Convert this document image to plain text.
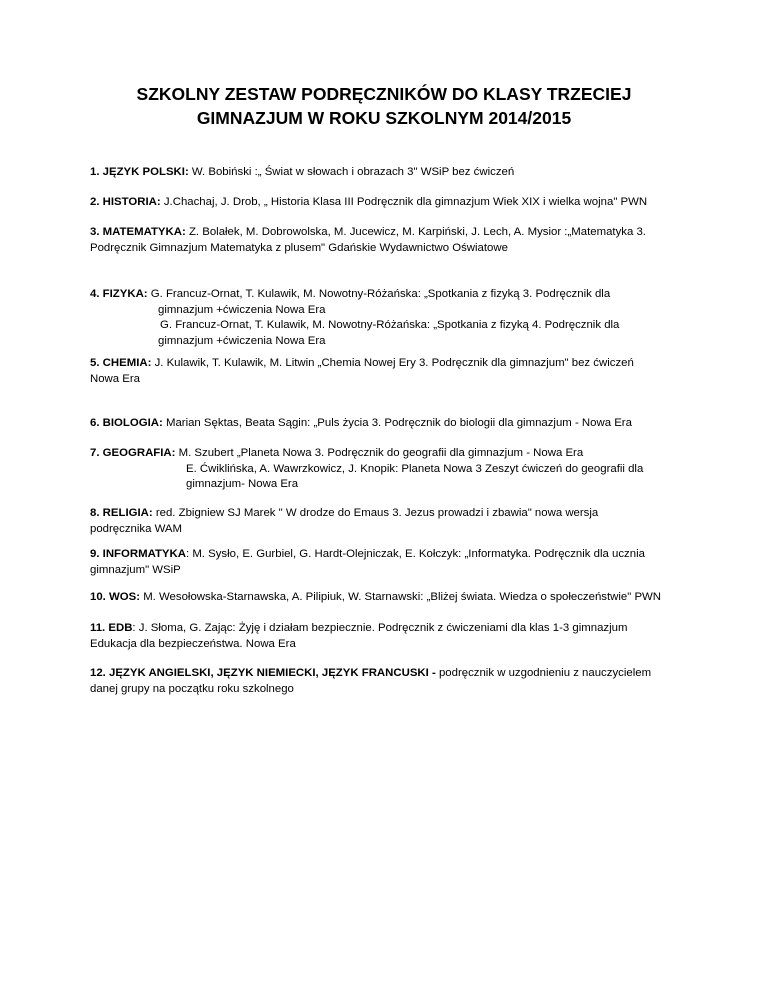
SZKOLNY ZESTAW PODRĘCZNIKÓW DO KLASY TRZECIEJ
GIMNAZJUM W ROKU SZKOLNYM 2014/2015
1. JĘZYK POLSKI: W. Bobiński :„ Świat w słowach i obrazach 3" WSiP bez ćwiczeń
2. HISTORIA: J.Chachaj, J. Drob, „ Historia Klasa III Podręcznik dla gimnazjum Wiek XIX i wielka wojna" PWN
3. MATEMATYKA: Z. Bolałek, M. Dobrowolska, M. Jucewicz, M. Karpiński, J. Lech, A. Mysior :„Matematyka 3.
Podręcznik Gimnazjum Matematyka z plusem" Gdańskie Wydawnictwo Oświatowe
4. FIZYKA: G. Francuz-Ornat, T. Kulawik, M. Nowotny-Różańska: „Spotkania z fizyką 3. Podręcznik dla
gimnazjum +ćwiczenia Nowa Era
G. Francuz-Ornat, T. Kulawik, M. Nowotny-Różańska: „Spotkania z fizyką 4. Podręcznik dla
gimnazjum +ćwiczenia Nowa Era
5. CHEMIA: J. Kulawik, T. Kulawik, M. Litwin „Chemia Nowej Ery 3. Podręcznik dla gimnazjum" bez ćwiczeń
Nowa Era
6. BIOLOGIA: Marian Sęktas, Beata Sągin: „Puls życia 3. Podręcznik do biologii dla gimnazjum - Nowa Era
7. GEOGRAFIA: M. Szubert „Planeta Nowa 3. Podręcznik do geografii dla gimnazjum - Nowa Era
E. Ćwiklińska, A. Wawrzkowicz, J. Knopik: Planeta Nowa 3 Zeszyt ćwiczeń do geografii dla
gimnazjum- Nowa Era
8. RELIGIA: red. Zbigniew SJ Marek " W drodze do Emaus 3. Jezus prowadzi i zbawia" nowa wersja
podręcznika WAM
9. INFORMATYKA: M. Sysło, E. Gurbiel, G. Hardt-Olejniczak, E. Kołczyk: „Informatyka. Podręcznik dla ucznia
gimnazjum" WSiP
10. WOS: M. Wesołowska-Starnawska, A. Pilipiuk, W. Starnawski: „Bliżej świata. Wiedza o społeczeństwie" PWN
11. EDB: J. Słoma, G. Zając: Żyję i działam bezpiecznie. Podręcznik z ćwiczeniami dla klas 1-3 gimnazjum
Edukacja dla bezpieczeństwa. Nowa Era
12. JĘZYK ANGIELSKI, JĘZYK NIEMIECKI, JĘZYK FRANCUSKI - podręcznik w uzgodnieniu z nauczycielem
danej grupy na początku roku szkolnego
